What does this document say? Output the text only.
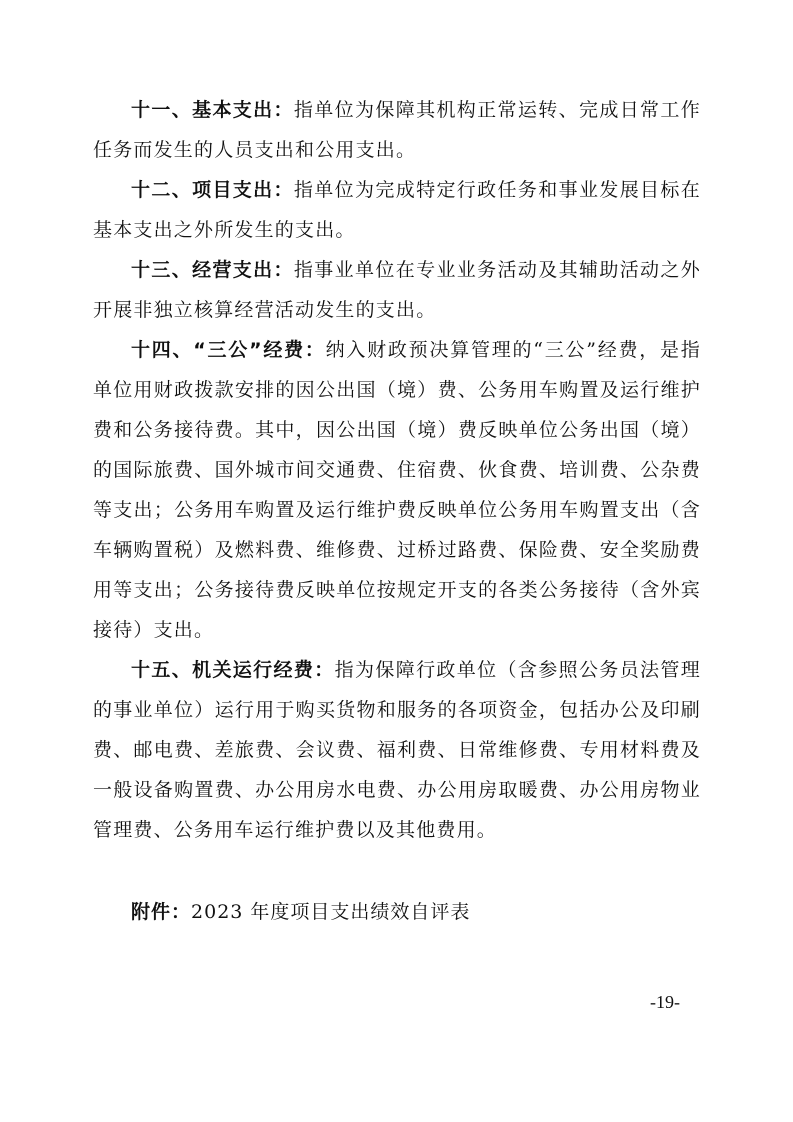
十一、基本支出：指单位为保障其机构正常运转、完成日常工作任务而发生的人员支出和公用支出。

十二、项目支出：指单位为完成特定行政任务和事业发展目标在基本支出之外所发生的支出。

十三、经营支出：指事业单位在专业业务活动及其辅助活动之外开展非独立核算经营活动发生的支出。

十四、“三公”经费：纳入财政预决算管理的“三公”经费，是指单位用财政拨款安排的因公出国（境）费、公务用车购置及运行维护费和公务接待费。其中，因公出国（境）费反映单位公务出国（境）的国际旅费、国外城市间交通费、住宿费、伙食费、培训费、公杂费等支出；公务用车购置及运行维护费反映单位公务用车购置支出（含车辆购置税）及燃料费、维修费、过桥过路费、保险费、安全奖励费用等支出；公务接待费反映单位按规定开支的各类公务接待（含外宾接待）支出。

十五、机关运行经费：指为保障行政单位（含参照公务员法管理的事业单位）运行用于购买货物和服务的各项资金，包括办公及印刷费、邮电费、差旅费、会议费、福利费、日常维修费、专用材料费及一般设备购置费、办公用房水电费、办公用房取暖费、办公用房物业管理费、公务用车运行维护费以及其他费用。

附件：2023 年度项目支出绩效自评表
-19-
